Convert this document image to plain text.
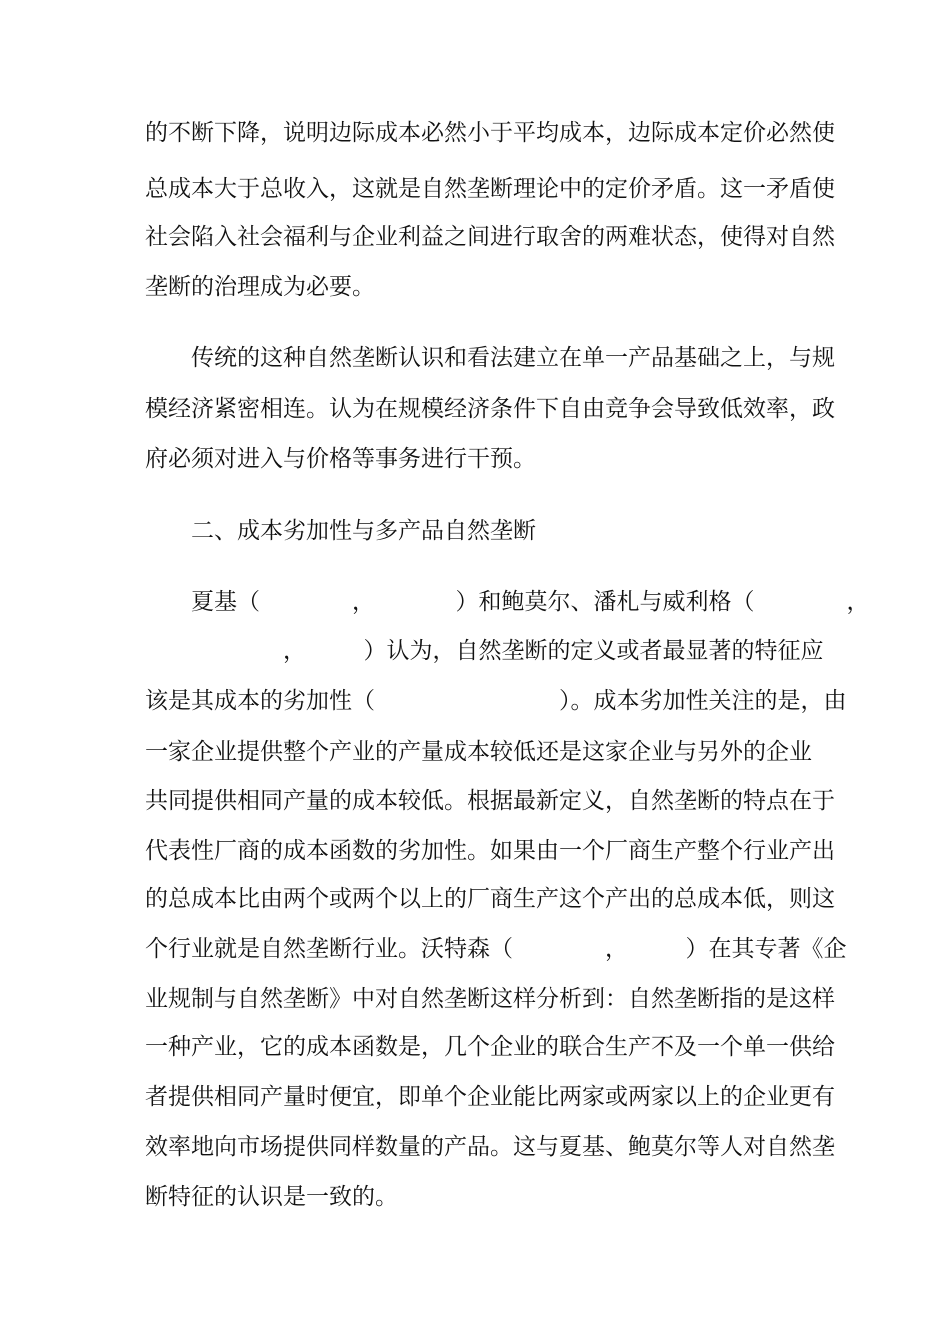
的不断下降，说明边际成本必然小于平均成本，边际成本定价必然使
总成本大于总收入，这就是自然垄断理论中的定价矛盾。这一矛盾使
社会陷入社会福利与企业利益之间进行取舍的两难状态，使得对自然
垄断的治理成为必要。
传统的这种自然垄断认识和看法建立在单一产品基础之上，与规
模经济紧密相连。认为在规模经济条件下自由竞争会导致低效率，政
府必须对进入与价格等事务进行干预。
二、成本劣加性与多产品自然垄断
夏基（　　　　，　　　　）和鲍莫尔、潘札与威利格（　　　　，
　　　　　　，　　　）认为，自然垄断的定义或者最显著的特征应
该是其成本的劣加性（　　　　　　　　）。成本劣加性关注的是，由
一家企业提供整个产业的产量成本较低还是这家企业与另外的企业
共同提供相同产量的成本较低。根据最新定义，自然垄断的特点在于
代表性厂商的成本函数的劣加性。如果由一个厂商生产整个行业产出
的总成本比由两个或两个以上的厂商生产这个产出的总成本低，则这
个行业就是自然垄断行业。沃特森（　　　　，　　　）在其专著《企
业规制与自然垄断》中对自然垄断这样分析到：自然垄断指的是这样
一种产业，它的成本函数是，几个企业的联合生产不及一个单一供给
者提供相同产量时便宜，即单个企业能比两家或两家以上的企业更有
效率地向市场提供同样数量的产品。这与夏基、鲍莫尔等人对自然垄
断特征的认识是一致的。
